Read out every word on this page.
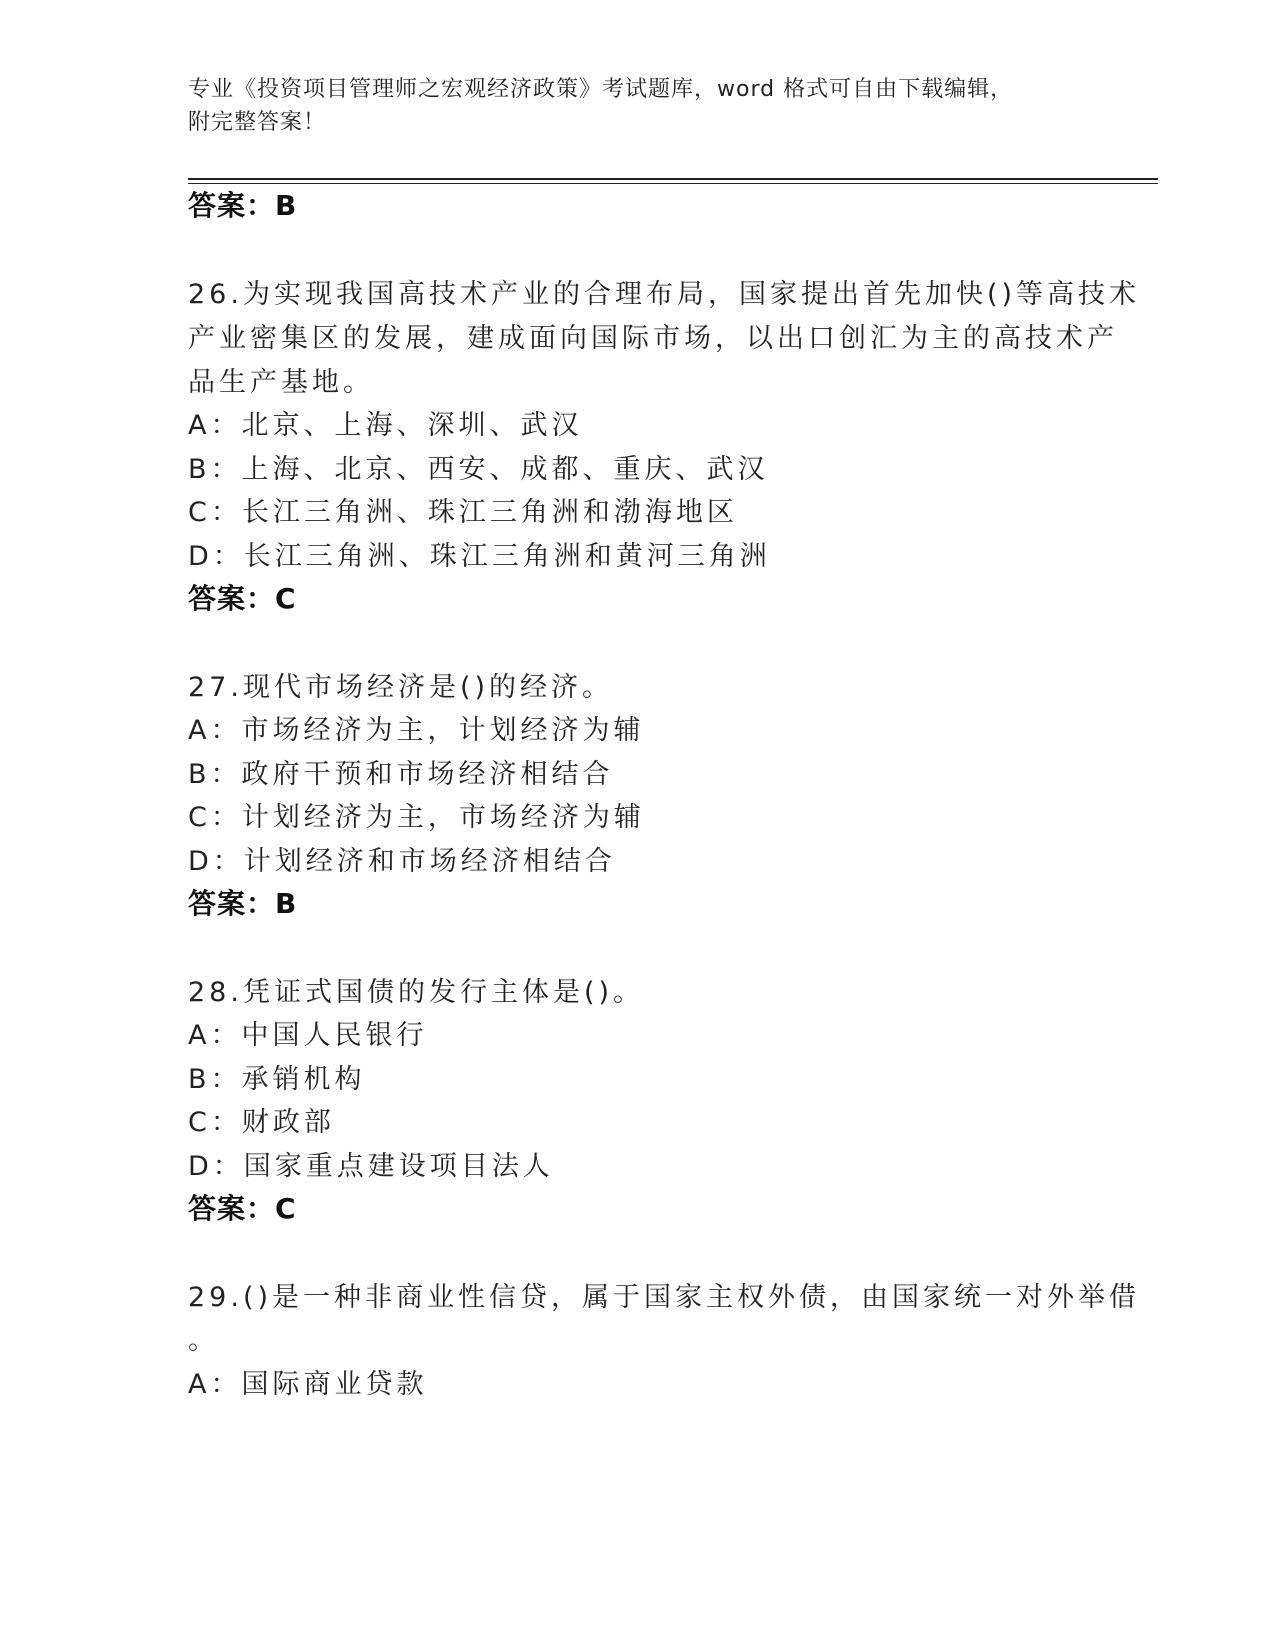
专业《投资项目管理师之宏观经济政策》考试题库，word 格式可自由下载编辑，
附完整答案！
答案：B
26.为实现我国高技术产业的合理布局，国家提出首先加快()等高技术
产业密集区的发展，建成面向国际市场，以出口创汇为主的高技术产
品生产基地。
A：北京、上海、深圳、武汉
B：上海、北京、西安、成都、重庆、武汉
C：长江三角洲、珠江三角洲和渤海地区
D：长江三角洲、珠江三角洲和黄河三角洲
答案：C
27.现代市场经济是()的经济。
A：市场经济为主，计划经济为辅
B：政府干预和市场经济相结合
C：计划经济为主，市场经济为辅
D：计划经济和市场经济相结合
答案：B
28.凭证式国债的发行主体是()。
A：中国人民银行
B：承销机构
C：财政部
D：国家重点建设项目法人
答案：C
29.()是一种非商业性信贷，属于国家主权外债，由国家统一对外举借
。
A：国际商业贷款
